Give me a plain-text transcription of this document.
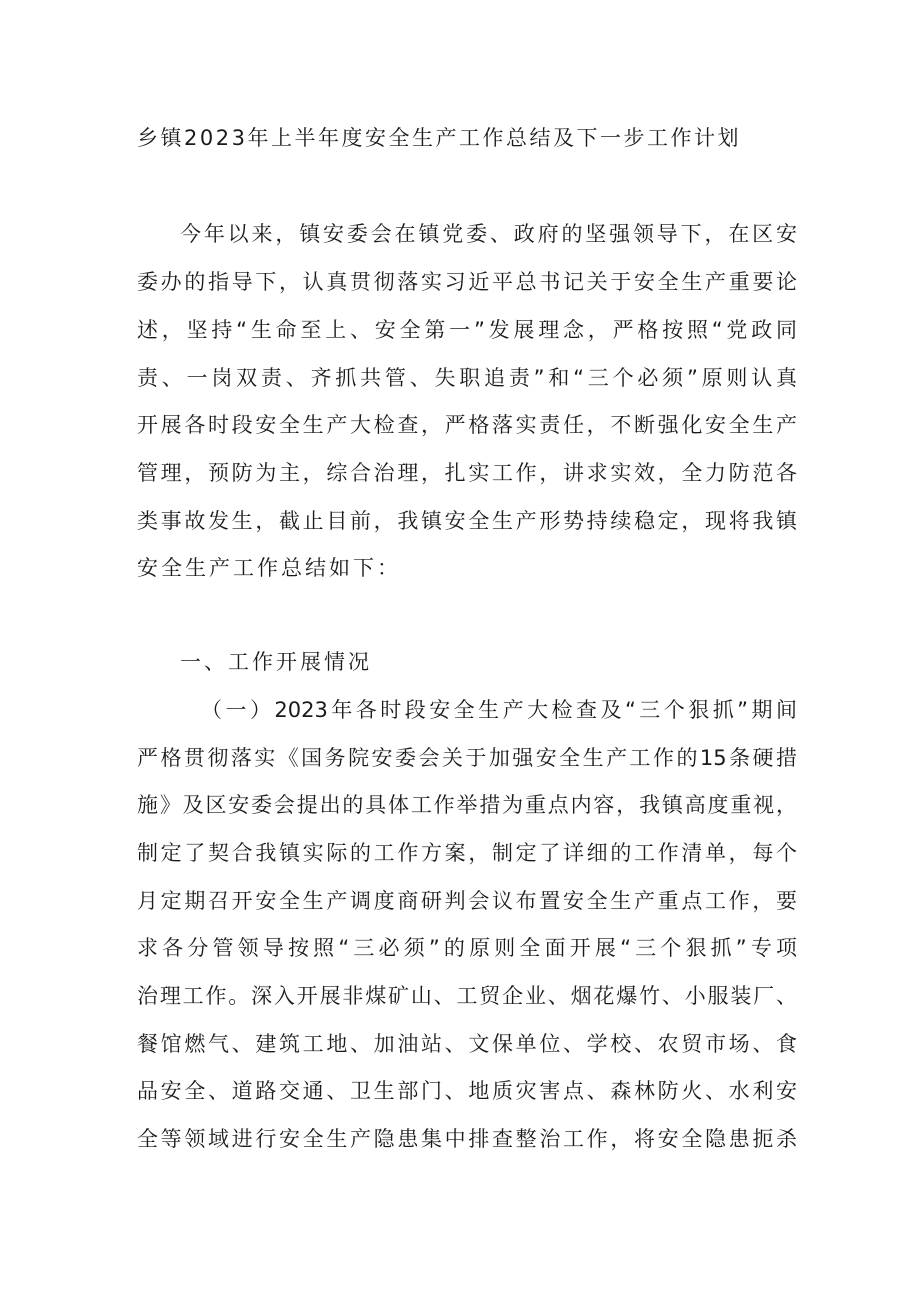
乡镇2023年上半年度安全生产工作总结及下一步工作计划

今年以来，镇安委会在镇党委、政府的坚强领导下，在区安

委办的指导下，认真贯彻落实习近平总书记关于安全生产重要论

述，坚持“生命至上、安全第一”发展理念，严格按照“党政同

责、一岗双责、齐抓共管、失职追责”和“三个必须”原则认真

开展各时段安全生产大检查，严格落实责任，不断强化安全生产

管理，预防为主，综合治理，扎实工作，讲求实效，全力防范各

类事故发生，截止目前，我镇安全生产形势持续稳定，现将我镇

安全生产工作总结如下：

一、工作开展情况

（一）2023年各时段安全生产大检查及“三个狠抓”期间

严格贯彻落实《国务院安委会关于加强安全生产工作的15条硬措

施》及区安委会提出的具体工作举措为重点内容，我镇高度重视，

制定了契合我镇实际的工作方案，制定了详细的工作清单，每个

月定期召开安全生产调度商研判会议布置安全生产重点工作，要

求各分管领导按照“三必须”的原则全面开展“三个狠抓”专项

治理工作。深入开展非煤矿山、工贸企业、烟花爆竹、小服装厂、

餐馆燃气、建筑工地、加油站、文保单位、学校、农贸市场、食

品安全、道路交通、卫生部门、地质灾害点、森林防火、水利安

全等领域进行安全生产隐患集中排查整治工作，将安全隐患扼杀
